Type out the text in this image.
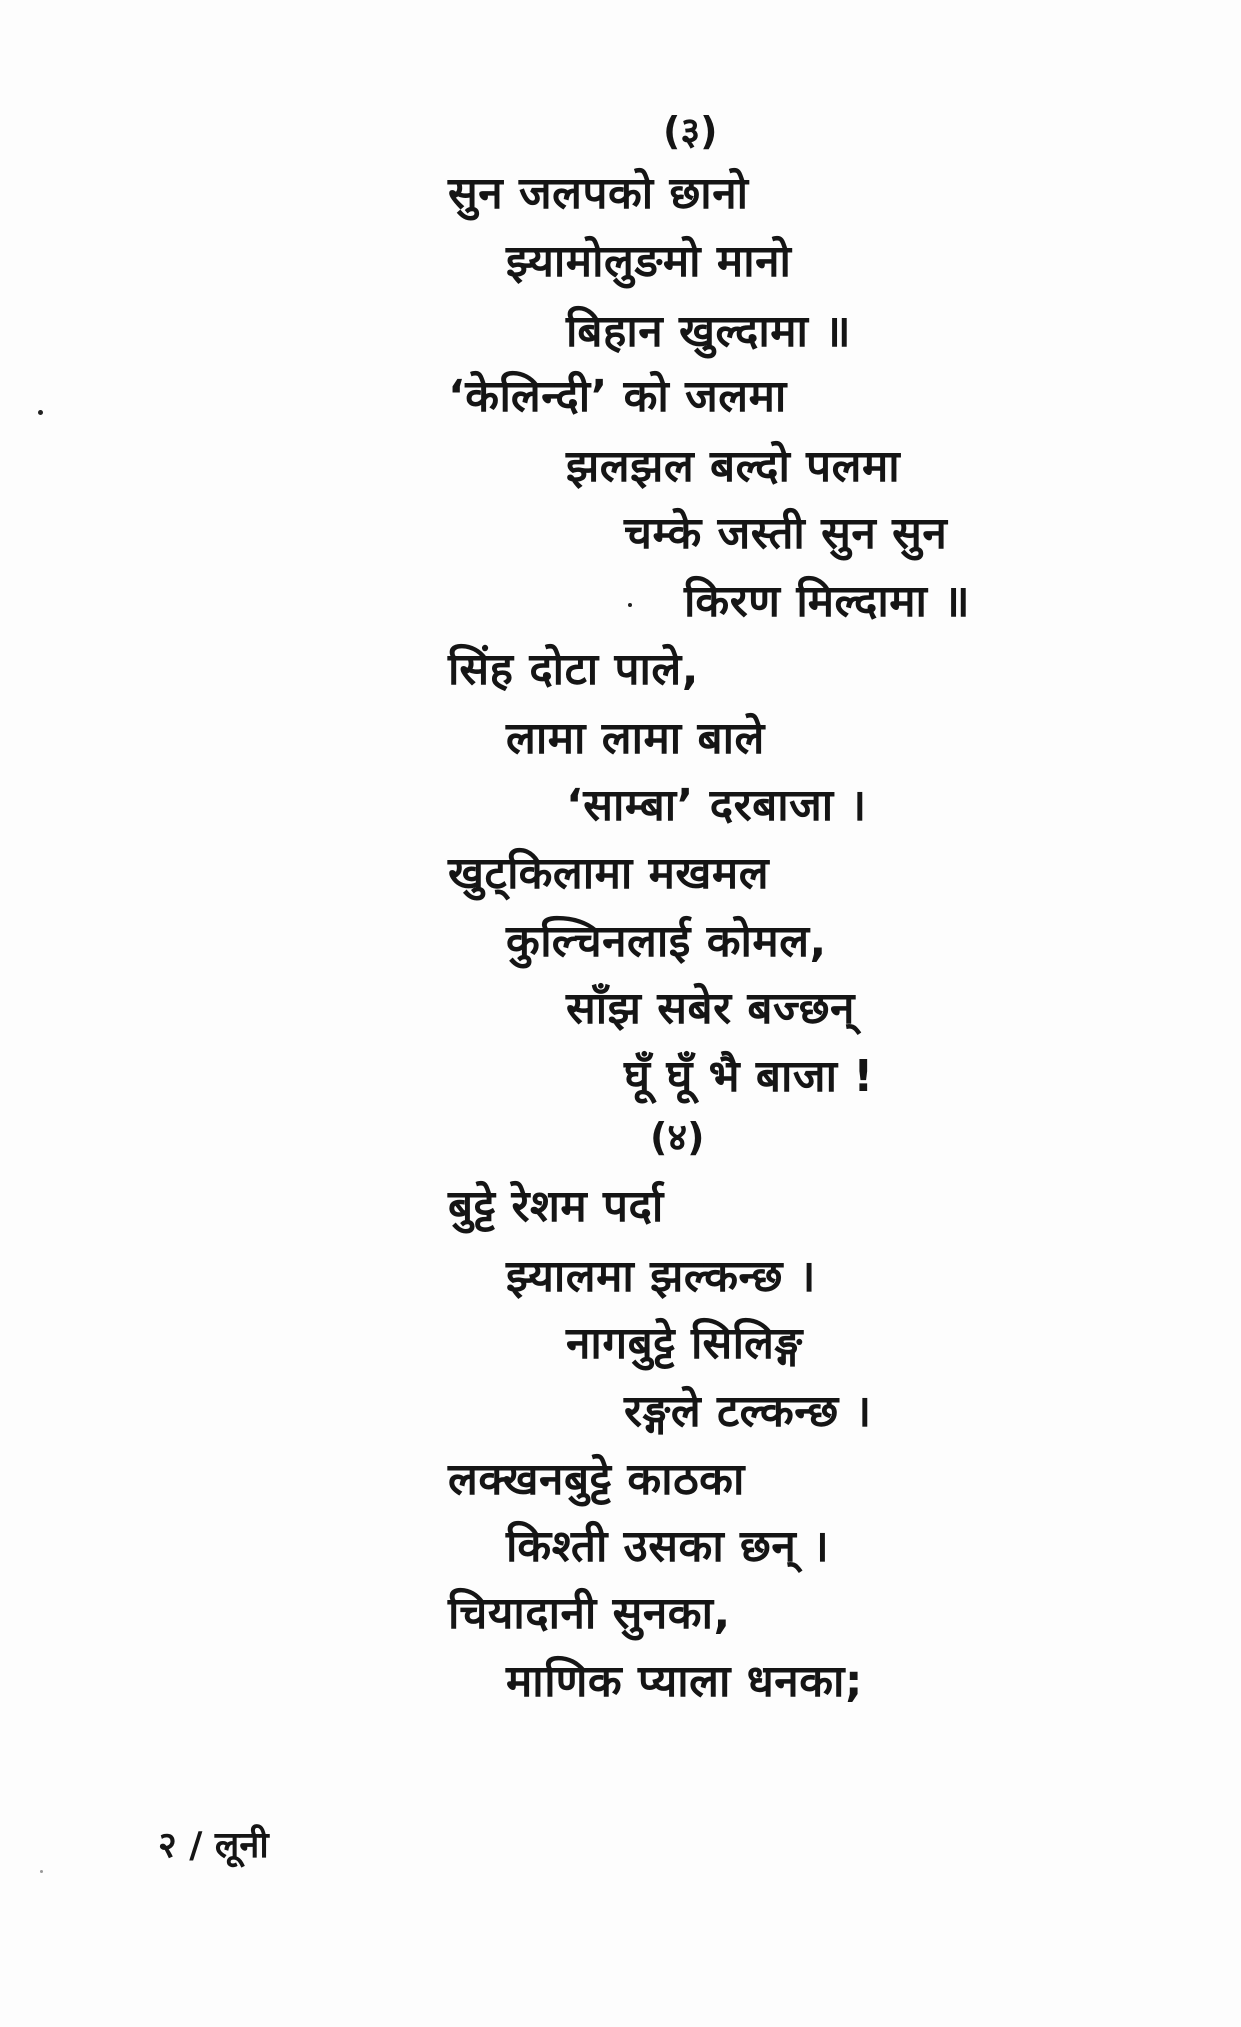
(३)
सुन जलपको छानो
झ्यामोलुङमो मानो
बिहान खुल्दामा ॥
‘केलिन्दी’ को जलमा
झलझल बल्दो पलमा
चम्के जस्ती सुन सुन
किरण मिल्दामा ॥
सिंह दोटा पाले,
लामा लामा बाले
‘साम्बा’ दरबाजा ।
खुट्किलामा मखमल
कुल्चिनलाई कोमल,
साँझ सबेर बज्छन्
घूँ घूँ भै बाजा !
(४)
बुट्टे रेशम पर्दा
झ्यालमा झल्कन्छ ।
नागबुट्टे सिलिङ्ग
रङ्गले टल्कन्छ ।
लक्खनबुट्टे काठका
किश्ती उसका छन् ।
चियादानी सुनका,
माणिक प्याला धनका;
२ / लूनी
